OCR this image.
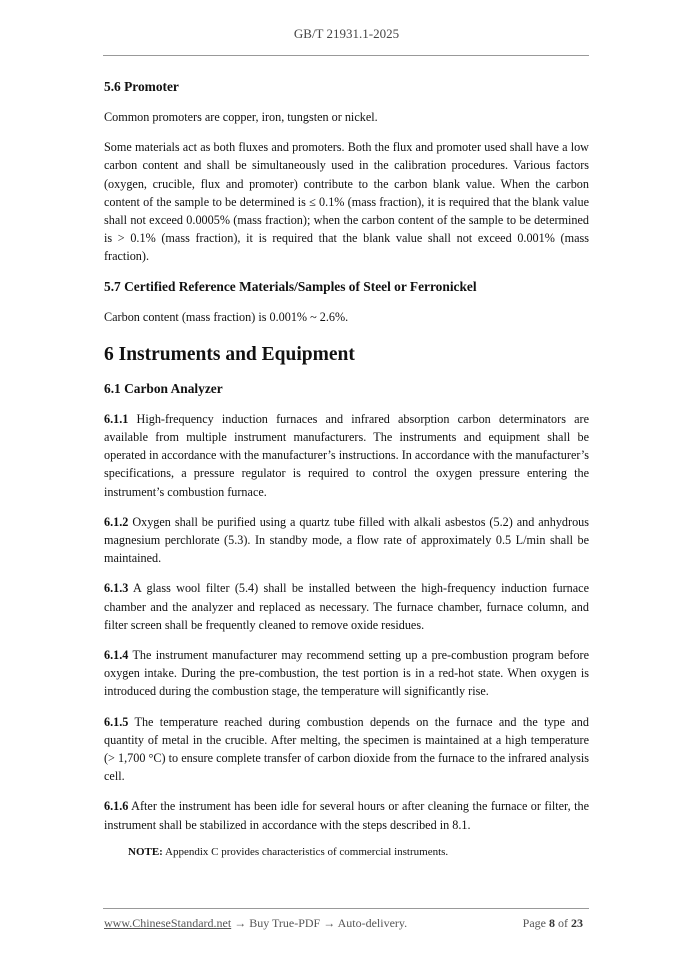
GB/T 21931.1-2025
5.6 Promoter
Common promoters are copper, iron, tungsten or nickel.
Some materials act as both fluxes and promoters. Both the flux and promoter used shall have a low carbon content and shall be simultaneously used in the calibration procedures. Various factors (oxygen, crucible, flux and promoter) contribute to the carbon blank value. When the carbon content of the sample to be determined is ≤ 0.1% (mass fraction), it is required that the blank value shall not exceed 0.0005% (mass fraction); when the carbon content of the sample to be determined is > 0.1% (mass fraction), it is required that the blank value shall not exceed 0.001% (mass fraction).
5.7 Certified Reference Materials/Samples of Steel or Ferronickel
Carbon content (mass fraction) is 0.001% ~ 2.6%.
6 Instruments and Equipment
6.1 Carbon Analyzer
6.1.1 High-frequency induction furnaces and infrared absorption carbon determinators are available from multiple instrument manufacturers. The instruments and equipment shall be operated in accordance with the manufacturer’s instructions. In accordance with the manufacturer’s specifications, a pressure regulator is required to control the oxygen pressure entering the instrument’s combustion furnace.
6.1.2 Oxygen shall be purified using a quartz tube filled with alkali asbestos (5.2) and anhydrous magnesium perchlorate (5.3). In standby mode, a flow rate of approximately 0.5 L/min shall be maintained.
6.1.3 A glass wool filter (5.4) shall be installed between the high-frequency induction furnace chamber and the analyzer and replaced as necessary. The furnace chamber, furnace column, and filter screen shall be frequently cleaned to remove oxide residues.
6.1.4 The instrument manufacturer may recommend setting up a pre-combustion program before oxygen intake. During the pre-combustion, the test portion is in a red-hot state. When oxygen is introduced during the combustion stage, the temperature will significantly rise.
6.1.5 The temperature reached during combustion depends on the furnace and the type and quantity of metal in the crucible. After melting, the specimen is maintained at a high temperature (> 1,700 °C) to ensure complete transfer of carbon dioxide from the furnace to the infrared analysis cell.
6.1.6 After the instrument has been idle for several hours or after cleaning the furnace or filter, the instrument shall be stabilized in accordance with the steps described in 8.1.
NOTE: Appendix C provides characteristics of commercial instruments.
www.ChineseStandard.net → Buy True-PDF → Auto-delivery.	Page 8 of 23
